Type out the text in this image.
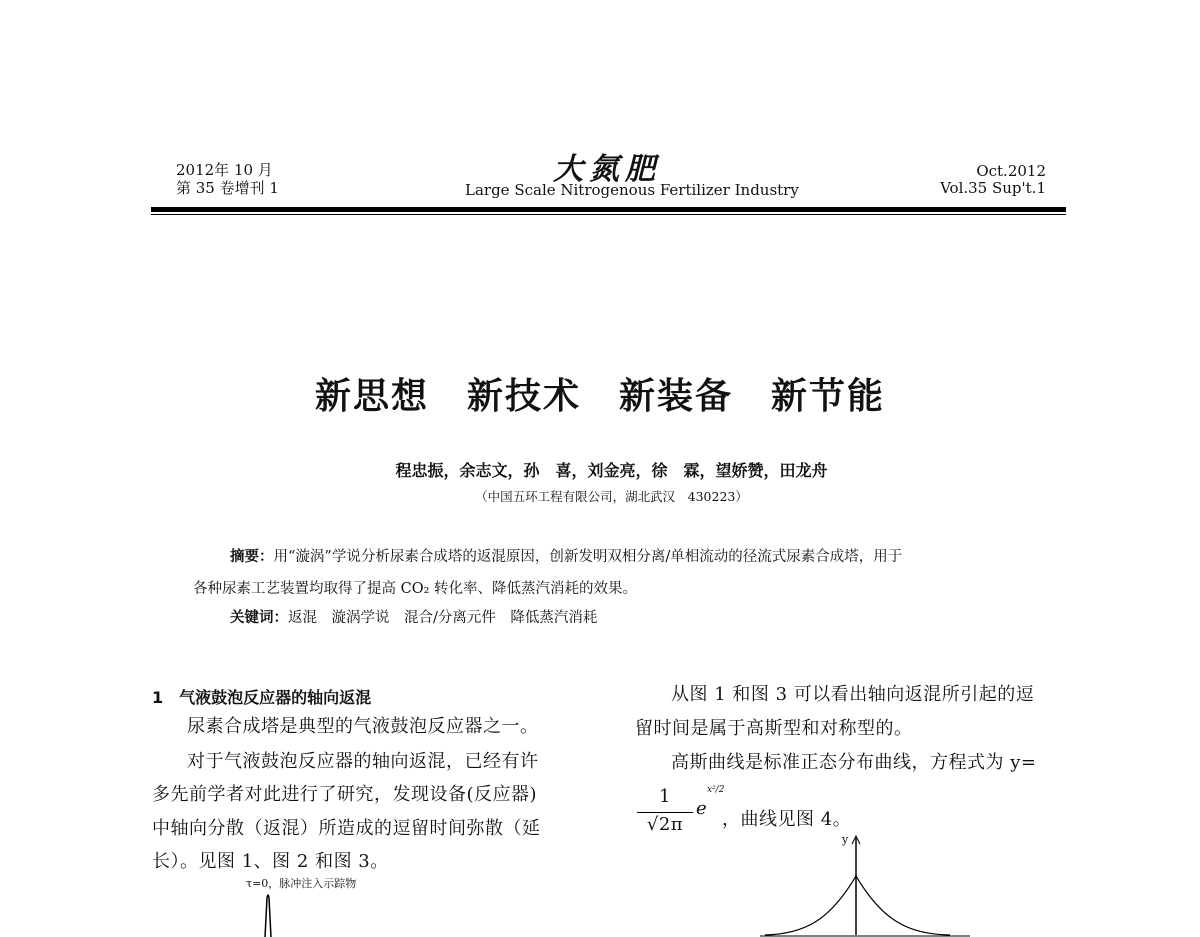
2012年 10 月
第 35 卷增刊 1
大氮肥
Large Scale Nitrogenous Fertilizer Industry
Oct.2012
Vol.35 Sup't.1
新思想　新技术　新装备　新节能
程忠振，余志文，孙　喜，刘金亮，徐　霖，望娇赞，田龙舟
（中国五环工程有限公司，湖北武汉　430223）
摘要：用“漩涡”学说分析尿素合成塔的返混原因，创新发明双相分离/单相流动的径流式尿素合成塔，用于
各种尿素工艺装置均取得了提高 CO₂ 转化率、降低蒸汽消耗的效果。
关键词：返混　漩涡学说　混合/分离元件　降低蒸汽消耗
1　气液鼓泡反应器的轴向返混
尿素合成塔是典型的气液鼓泡反应器之一。
对于气液鼓泡反应器的轴向返混，已经有许
多先前学者对此进行了研究，发现设备(反应器)
中轴向分散（返混）所造成的逗留时间弥散（延
长）。见图 1、图 2 和图 3。
τ=0，脉冲注入示踪物
从图 1 和图 3 可以看出轴向返混所引起的逗
留时间是属于高斯型和对称型的。
高斯曲线是标准正态分布曲线，方程式为 y=
1
√2π
e
x²/2
，曲线见图 4。
y
